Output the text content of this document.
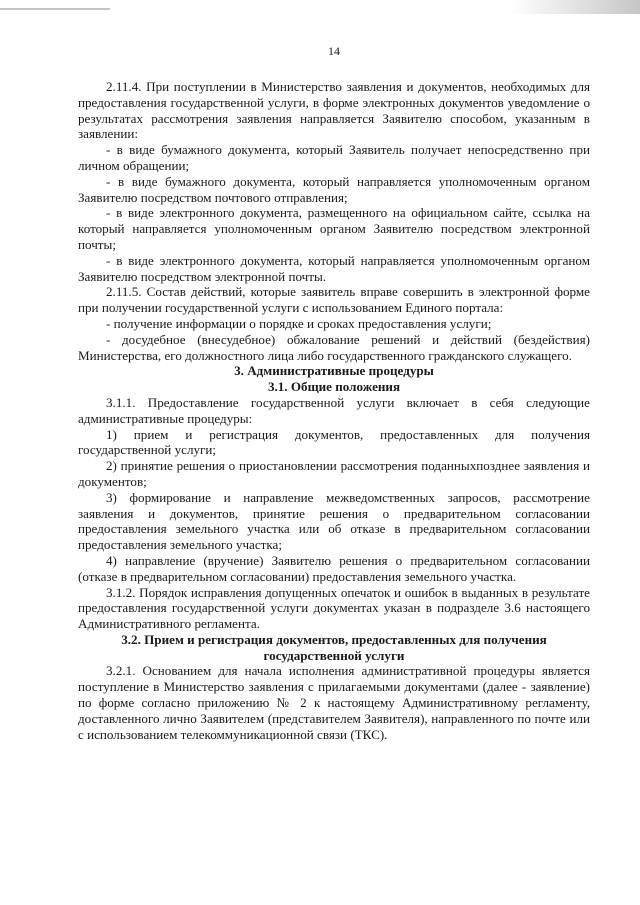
14

2.11.4. При поступлении в Министерство заявления и документов, необходимых для предоставления государственной услуги, в форме электронных документов уведомление о результатах рассмотрения заявления направляется Заявителю способом, указанным в заявлении:

- в виде бумажного документа, который Заявитель получает непосредственно при личном обращении;

- в виде бумажного документа, который направляется уполномоченным органом Заявителю посредством почтового отправления;

- в виде электронного документа, размещенного на официальном сайте, ссылка на который направляется уполномоченным органом Заявителю посредством электронной почты;

- в виде электронного документа, который направляется уполномоченным органом Заявителю посредством электронной почты.

2.11.5. Состав действий, которые заявитель вправе совершить в электронной форме при получении государственной услуги с использованием Единого портала:

- получение информации о порядке и сроках предоставления услуги;

- досудебное (внесудебное) обжалование решений и действий (бездействия) Министерства, его должностного лица либо государственного гражданского служащего.

3. Административные процедуры

3.1. Общие положения

3.1.1. Предоставление государственной услуги включает в себя следующие административные процедуры:

1) прием и регистрация документов, предоставленных для получения государственной услуги;

2) принятие решения о приостановлении рассмотрения поданныхпозднее заявления и документов;

3) формирование и направление межведомственных запросов, рассмотрение заявления и документов, принятие решения о предварительном согласовании предоставления земельного участка или об отказе в предварительном согласовании предоставления земельного участка;

4) направление (вручение) Заявителю решения о предварительном согласовании (отказе в предварительном согласовании) предоставления земельного участка.

3.1.2. Порядок исправления допущенных опечаток и ошибок в выданных в результате предоставления государственной услуги документах указан в подразделе 3.6 настоящего Административного регламента.

3.2. Прием и регистрация документов, предоставленных для получения государственной услуги

3.2.1. Основанием для начала исполнения административной процедуры является поступление в Министерство заявления с прилагаемыми документами (далее - заявление) по форме согласно приложению № 2 к настоящему Административному регламенту, доставленного лично Заявителем (представителем Заявителя), направленного по почте или с использованием телекоммуникационной связи (ТКС).
